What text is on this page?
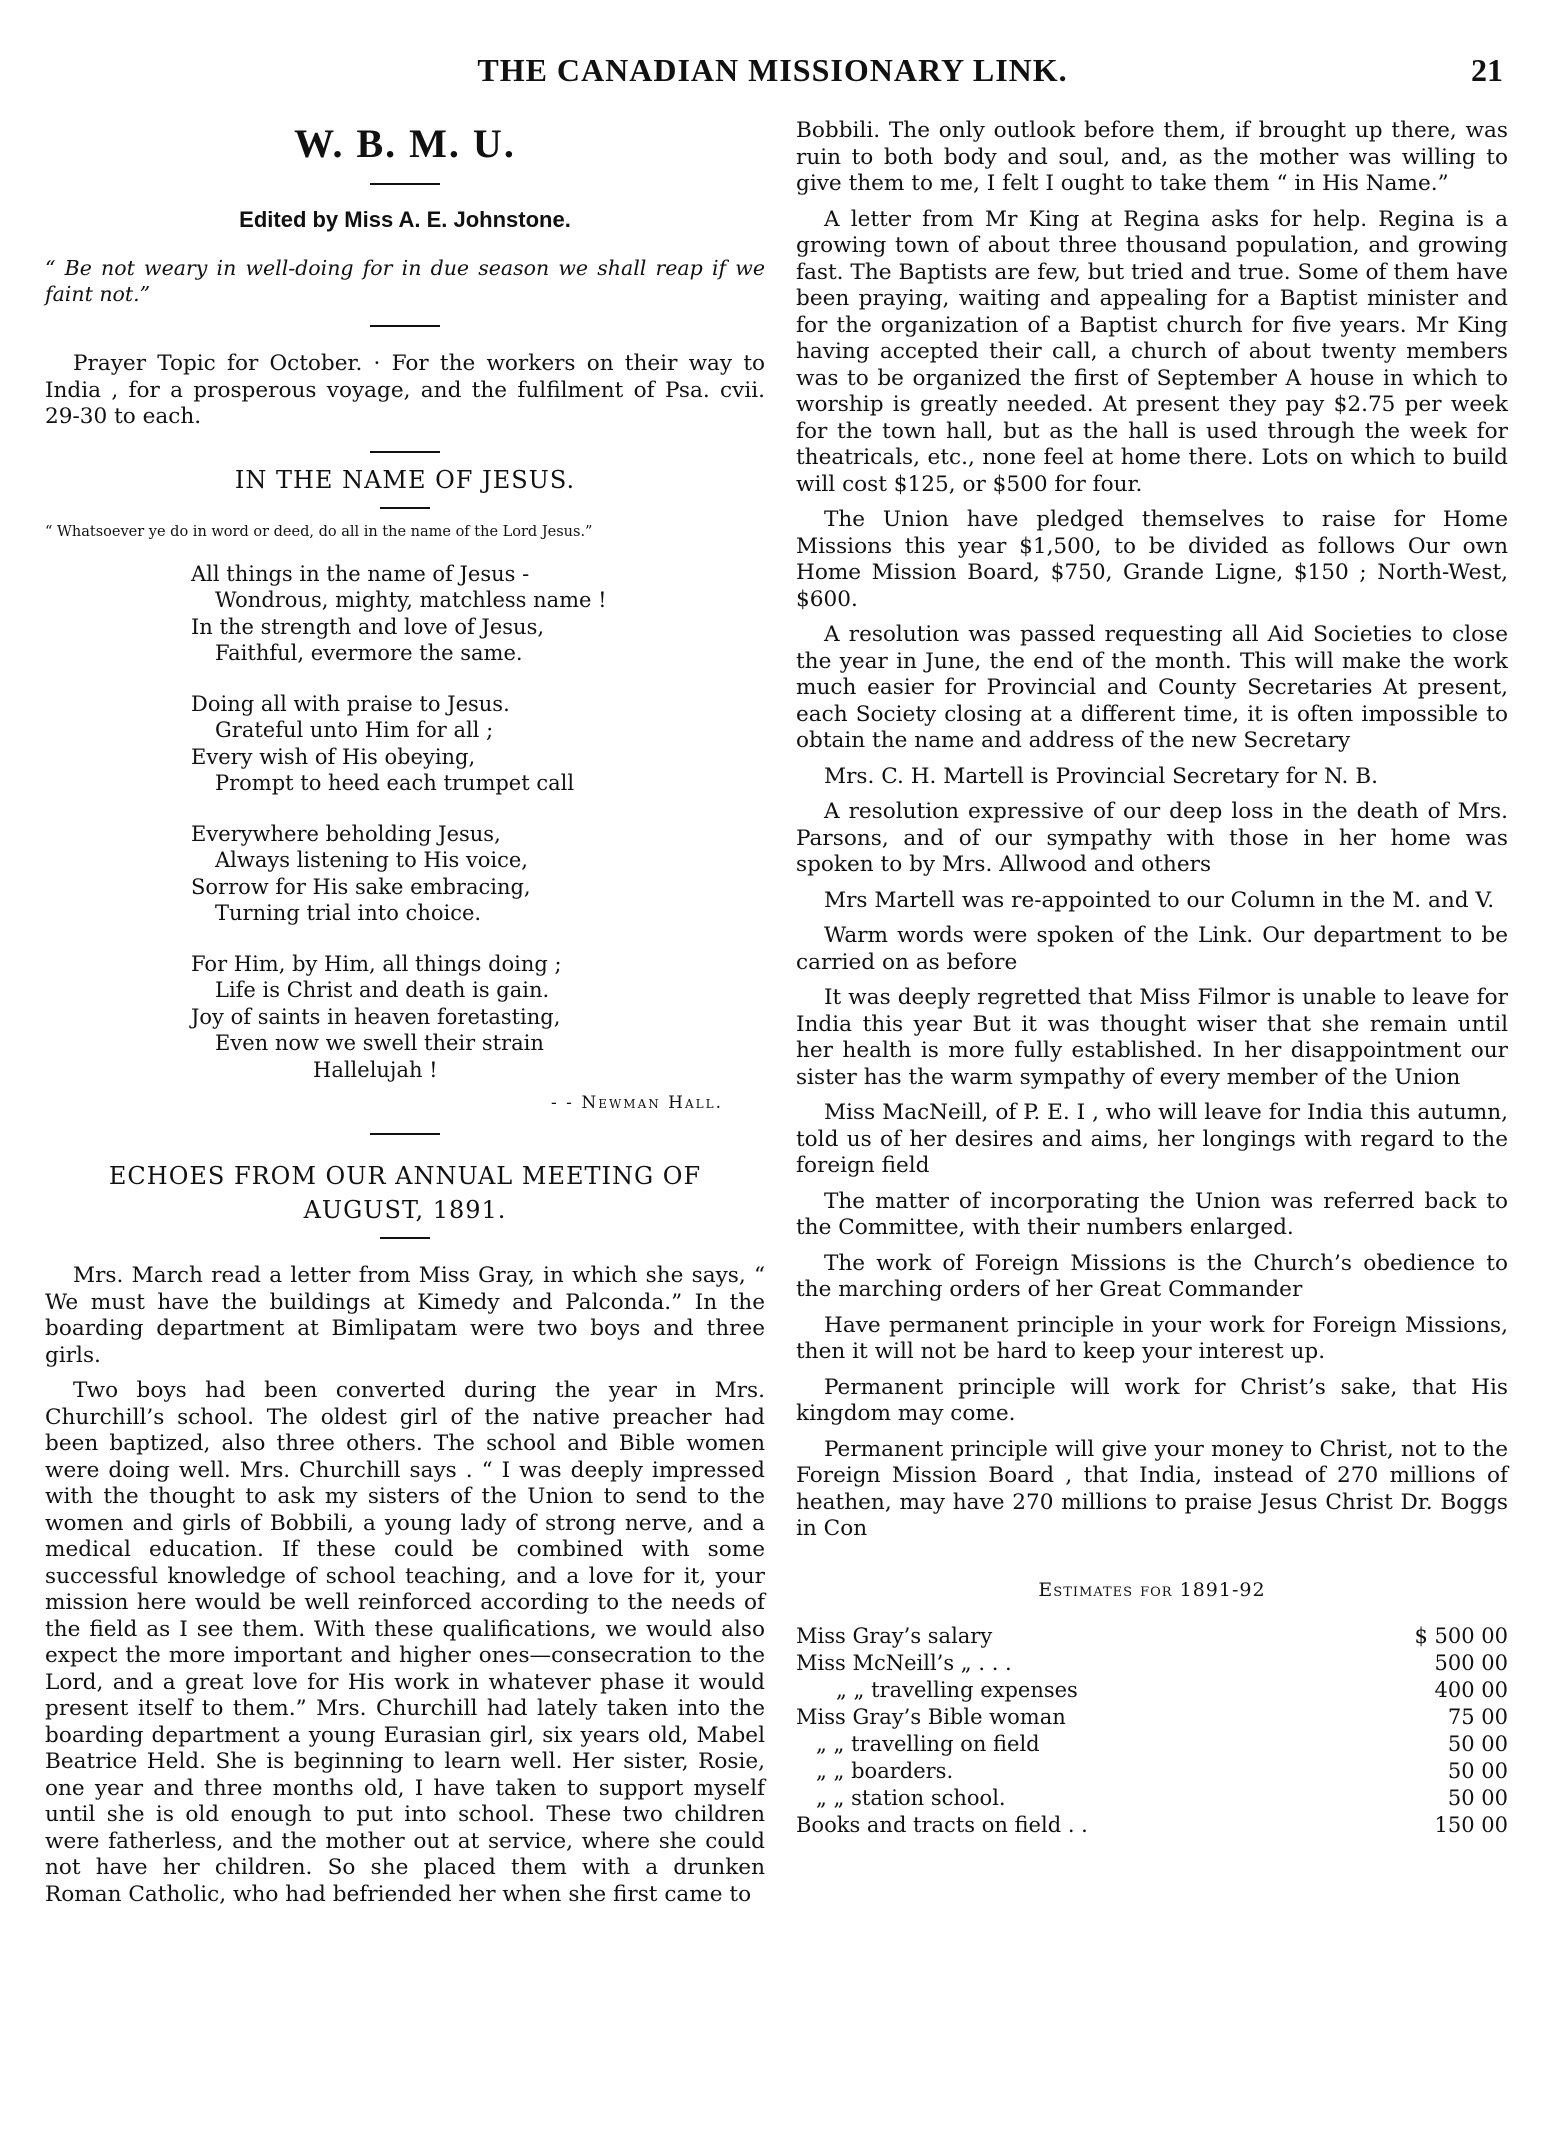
THE CANADIAN MISSIONARY LINK.	21
W. B. M. U.
Edited by Miss A. E. Johnstone.

“ Be not weary in well-doing for in due season we shall reap if we faint not.”

Prayer Topic for October. · For the workers on their way to India , for a prosperous voyage, and the fulfilment of Psa. cvii. 29-30 to each.

IN THE NAME OF JESUS.

“ Whatsoever ye do in word or deed, do all in the name of the Lord Jesus.”

All things in the name of Jesus -
Wondrous, mighty, matchless name !
In the strength and love of Jesus,
Faithful, evermore the same.
Doing all with praise to Jesus.
Grateful unto Him for all ;
Every wish of His obeying,
Prompt to heed each trumpet call
Everywhere beholding Jesus,
Always listening to His voice,
Sorrow for His sake embracing,
Turning trial into choice.
For Him, by Him, all things doing ;
Life is Christ and death is gain.
Joy of saints in heaven foretasting,
Even now we swell their strain
Hallelujah !
- - Newman Hall.
ECHOES FROM OUR ANNUAL MEETING OF AUGUST, 1891.

Mrs. March read a letter from Miss Gray, in which she says, “ We must have the buildings at Kimedy and Palconda.” In the boarding department at Bimlipatam were two boys and three girls.

Two boys had been converted during the year in Mrs. Churchill’s school. The oldest girl of the native preacher had been baptized, also three others. The school and Bible women were doing well. Mrs. Churchill says . “ I was deeply impressed with the thought to ask my sisters of the Union to send to the women and girls of Bobbili, a young lady of strong nerve, and a medical education. If these could be combined with some successful knowledge of school teaching, and a love for it, your mission here would be well reinforced according to the needs of the field as I see them. With these qualifications, we would also expect the more important and higher ones—consecration to the Lord, and a great love for His work in whatever phase it would present itself to them.” Mrs. Churchill had lately taken into the boarding department a young Eurasian girl, six years old, Mabel Beatrice Held. She is beginning to learn well. Her sister, Rosie, one year and three months old, I have taken to support myself until she is old enough to put into school. These two children were fatherless, and the mother out at service, where she could not have her children. So she placed them with a drunken Roman Catholic, who had befriended her when she first came to

Bobbili. The only outlook before them, if brought up there, was ruin to both body and soul, and, as the mother was willing to give them to me, I felt I ought to take them “ in His Name.”

A letter from Mr King at Regina asks for help. Regina is a growing town of about three thousand population, and growing fast. The Baptists are few, but tried and true. Some of them have been praying, waiting and appealing for a Baptist minister and for the organization of a Baptist church for five years. Mr King having accepted their call, a church of about twenty members was to be organized the first of September A house in which to worship is greatly needed. At present they pay $2.75 per week for the town hall, but as the hall is used through the week for theatricals, etc., none feel at home there. Lots on which to build will cost $125, or $500 for four.

The Union have pledged themselves to raise for Home Missions this year $1,500, to be divided as follows Our own Home Mission Board, $750, Grande Ligne, $150 ; North-West, $600.

A resolution was passed requesting all Aid Societies to close the year in June, the end of the month. This will make the work much easier for Provincial and County Secretaries At present, each Society closing at a different time, it is often impossible to obtain the name and address of the new Secretary

Mrs. C. H. Martell is Provincial Secretary for N. B.

A resolution expressive of our deep loss in the death of Mrs. Parsons, and of our sympathy with those in her home was spoken to by Mrs. Allwood and others

Mrs Martell was re-appointed to our Column in the M. and V.

Warm words were spoken of the Link. Our department to be carried on as before

It was deeply regretted that Miss Filmor is unable to leave for India this year But it was thought wiser that she remain until her health is more fully established. In her disappointment our sister has the warm sympathy of every member of the Union

Miss MacNeill, of P. E. I , who will leave for India this autumn, told us of her desires and aims, her longings with regard to the foreign field

The matter of incorporating the Union was referred back to the Committee, with their numbers enlarged.

The work of Foreign Missions is the Church’s obedience to the marching orders of her Great Commander

Have permanent principle in your work for Foreign Missions, then it will not be hard to keep your interest up.

Permanent principle will work for Christ’s sake, that His kingdom may come.

Permanent principle will give your money to Christ, not to the Foreign Mission Board , that India, instead of 270 millions of heathen, may have 270 millions to praise Jesus Christ Dr. Boggs in Con

Estimates for 1891-92
Miss Gray’s salary	$ 500 00
Miss McNeill’s „ . . .	500 00
„ „ travelling expenses	400 00
Miss Gray’s Bible woman	75 00
„ „ travelling on field	50 00
„ „ boarders.	50 00
„ „ station school.	50 00
Books and tracts on field . .	150 00
